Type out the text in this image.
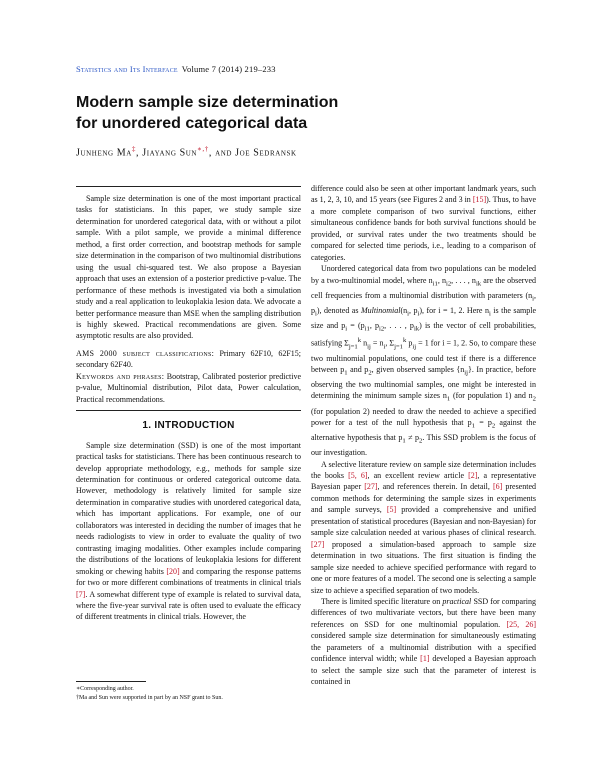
Statistics and Its Interface Volume 7 (2014) 219–233
Modern sample size determination
for unordered categorical data
Junheng Ma‡, Jiayang Sun∗,†, and Joe Sedransk

Sample size determination is one of the most important practical tasks for statisticians. In this paper, we study sample size determination for unordered categorical data, with or without a pilot sample. With a pilot sample, we provide a minimal difference method, a first order correction, and bootstrap methods for sample size determination in the comparison of two multinomial distributions using the usual chi-squared test. We also propose a Bayesian approach that uses an extension of a posterior predictive p-value. The performance of these methods is investigated via both a simulation study and a real application to leukoplakia lesion data. We advocate a better performance measure than MSE when the sampling distribution is highly skewed. Practical recommendations are given. Some asymptotic results are also provided.

AMS 2000 subject classifications: Primary 62F10, 62F15; secondary 62F40.

Keywords and phrases: Bootstrap, Calibrated posterior predictive p-value, Multinomial distribution, Pilot data, Power calculation, Practical recommendations.

1. INTRODUCTION

Sample size determination (SSD) is one of the most important practical tasks for statisticians. There has been continuous research to develop appropriate methodology, e.g., methods for sample size determination for continuous or ordered categorical outcome data. However, methodology is relatively limited for sample size determination in comparative studies with unordered categorical data, which has important applications. For example, one of our collaborators was interested in deciding the number of images that he needs radiologists to view in order to evaluate the quality of two contrasting imaging modalities. Other examples include comparing the distributions of the locations of leukoplakia lesions for different smoking or chewing habits [20] and comparing the response patterns for two or more different combinations of treatments in clinical trials [7]. A somewhat different type of example is related to survival data, where the five-year survival rate is often used to evaluate the efficacy of different treatments in clinical trials. However, the

difference could also be seen at other important landmark years, such as 1, 2, 3, 10, and 15 years (see Figures 2 and 3 in [15]). Thus, to have a more complete comparison of two survival functions, either simultaneous confidence bands for both survival functions should be provided, or survival rates under the two treatments should be compared for selected time periods, i.e., leading to a comparison of categories.

Unordered categorical data from two populations can be modeled by a two-multinomial model, where $n_{i1}$, $n_{i2}$, . . . , $n_{ik}$ are the observed cell frequencies from a multinomial distribution with parameters ($n_i$, $p_i$), denoted as $Multinomial(n_i$, $p_i$), for i = 1, 2. Here $n_i$ is the sample size and $p_i = (p_{i1}$, $p_{i2}$, . . . , $p_{ik}$) is the vector of cell probabilities, satisfying $\Sigma_{j=1}^k$ $n_{ij} = n_i$, $\Sigma_{j=1}^k$ $p_{ij} = 1$ for i = 1, 2. So, to compare these two multinomial populations, one could test if there is a difference between $p_1$ and $p_2$, given observed samples $\{n_{ij}\}$. In practice, before observing the two multinomial samples, one might be interested in determining the minimum sample sizes $n_1$ (for population 1) and $n_2$ (for population 2) needed to draw the needed to achieve a specified power for a test of the null hypothesis that $p_1 = p_2$ against the alternative hypothesis that $p_1 \ne p_2$. This SSD problem is the focus of our investigation.

A selective literature review on sample size determination includes the books [5, 6], an excellent review article [2], a representative Bayesian paper [27], and references therein. In detail, [6] presented common methods for determining the sample sizes in experiments and sample surveys, [5] provided a comprehensive and unified presentation of statistical procedures (Bayesian and non-Bayesian) for sample size calculation needed at various phases of clinical research. [27] proposed a simulation-based approach to sample size determination in two situations. The first situation is finding the sample size needed to achieve specified performance with regard to one or more features of a model. The second one is selecting a sample size to achieve a specified separation of two models.

There is limited specific literature on practical SSD for comparing differences of two multivariate vectors, but there have been many references on SSD for one multinomial population. [25, 26] considered sample size determination for simultaneously estimating the parameters of a multinomial distribution with a specified confidence interval width; while [1] developed a Bayesian approach to select the sample size such that the parameter of interest is contained in

∗Corresponding author.
†Ma and Sun were supported in part by an NSF grant to Sun.
